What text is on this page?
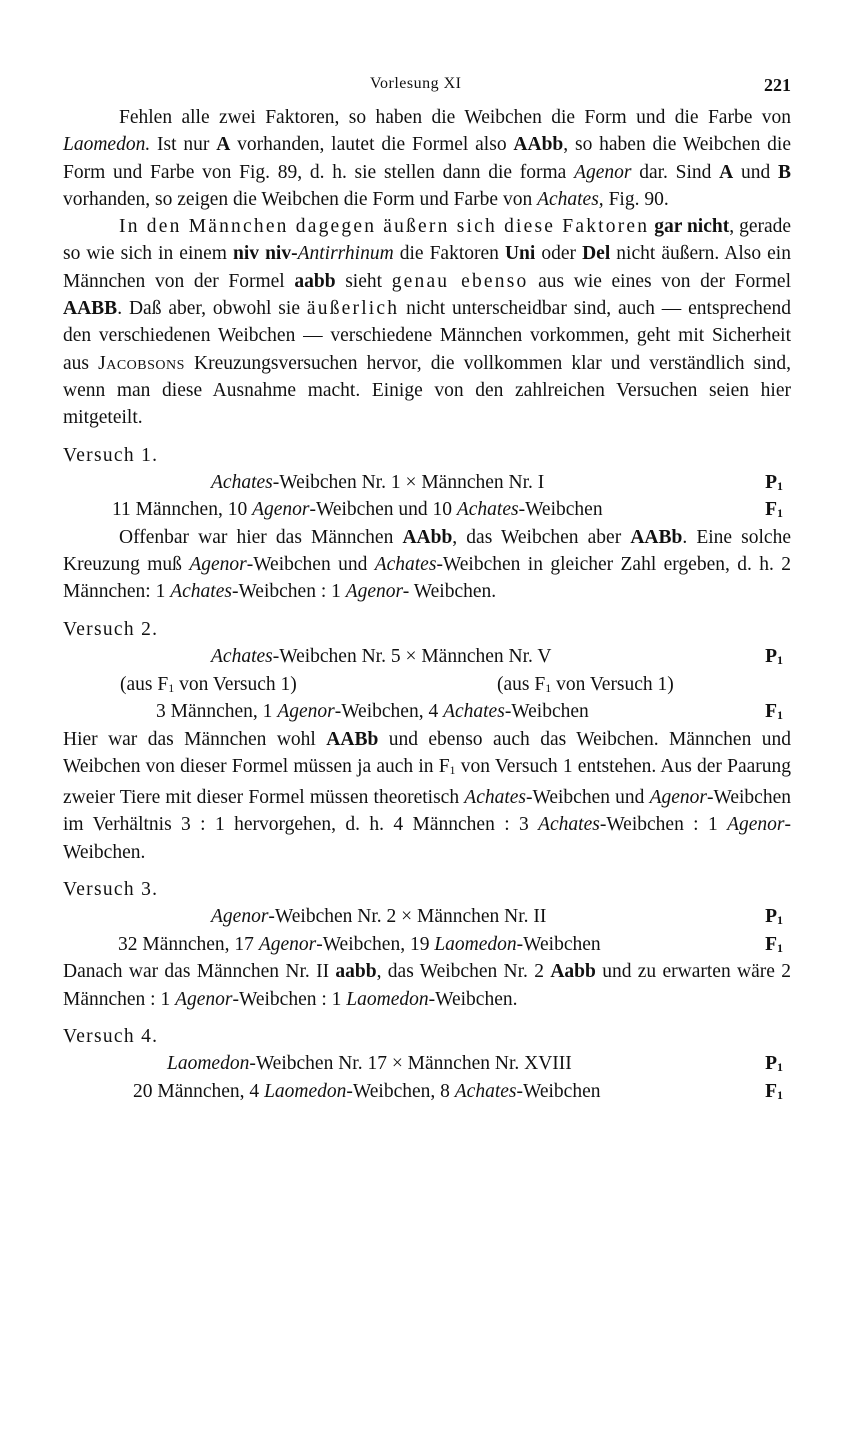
Vorlesung XI	221

Fehlen alle zwei Faktoren, so haben die Weibchen die Form und die Farbe von Laomedon. Ist nur A vorhanden, lautet die Formel also AAbb, so haben die Weibchen die Form und Farbe von Fig. 89, d. h. sie stellen dann die forma Agenor dar. Sind A und B vorhanden, so zeigen die Weibchen die Form und Farbe von Achates, Fig. 90.

In den Männchen dagegen äußern sich diese Faktoren gar nicht, gerade so wie sich in einem niv niv-Antirrhinum die Faktoren Uni oder Del nicht äußern. Also ein Männchen von der Formel aabb sieht genau ebenso aus wie eines von der Formel AABB. Daß aber, obwohl sie äußerlich nicht unterscheidbar sind, auch — entsprechend den verschiedenen Weibchen — verschiedene Männchen vorkommen, geht mit Sicherheit aus Jacobsons Kreuzungsversuchen hervor, die vollkommen klar und verständlich sind, wenn man diese Ausnahme macht. Einige von den zahlreichen Versuchen seien hier mitgeteilt.

Versuch 1.
Achates-Weibchen Nr. 1 × Männchen Nr. I	$P_1$
11 Männchen, 10 Agenor-Weibchen und 10 Achates-Weibchen	$F_1$

Offenbar war hier das Männchen AAbb, das Weibchen aber AABb. Eine solche Kreuzung muß Agenor-Weibchen und Achates-Weibchen in gleicher Zahl ergeben, d. h. 2 Männchen: 1 Achates-Weibchen : 1 Agenor- Weibchen.

Versuch 2.
Achates-Weibchen Nr. 5 × Männchen Nr. V	$P_1$
(aus $F_1$ von Versuch 1)	(aus $F_1$ von Versuch 1)
3 Männchen, 1 Agenor-Weibchen, 4 Achates-Weibchen	$F_1$

Hier war das Männchen wohl AABb und ebenso auch das Weibchen. Männchen und Weibchen von dieser Formel müssen ja auch in $F_1$ von Versuch 1 entstehen. Aus der Paarung zweier Tiere mit dieser Formel müssen theoretisch Achates-Weibchen und Agenor-Weibchen im Verhältnis 3 : 1 hervorgehen, d. h. 4 Männchen : 3 Achates-Weibchen : 1 Agenor-Weibchen.

Versuch 3.
Agenor-Weibchen Nr. 2 × Männchen Nr. II	$P_1$
32 Männchen, 17 Agenor-Weibchen, 19 Laomedon-Weibchen	$F_1$

Danach war das Männchen Nr. II aabb, das Weibchen Nr. 2 Aabb und zu erwarten wäre 2 Männchen : 1 Agenor-Weibchen : 1 Laomedon-Weibchen.

Versuch 4.
Laomedon-Weibchen Nr. 17 × Männchen Nr. XVIII	$P_1$
20 Männchen, 4 Laomedon-Weibchen, 8 Achates-Weibchen	$F_1$
